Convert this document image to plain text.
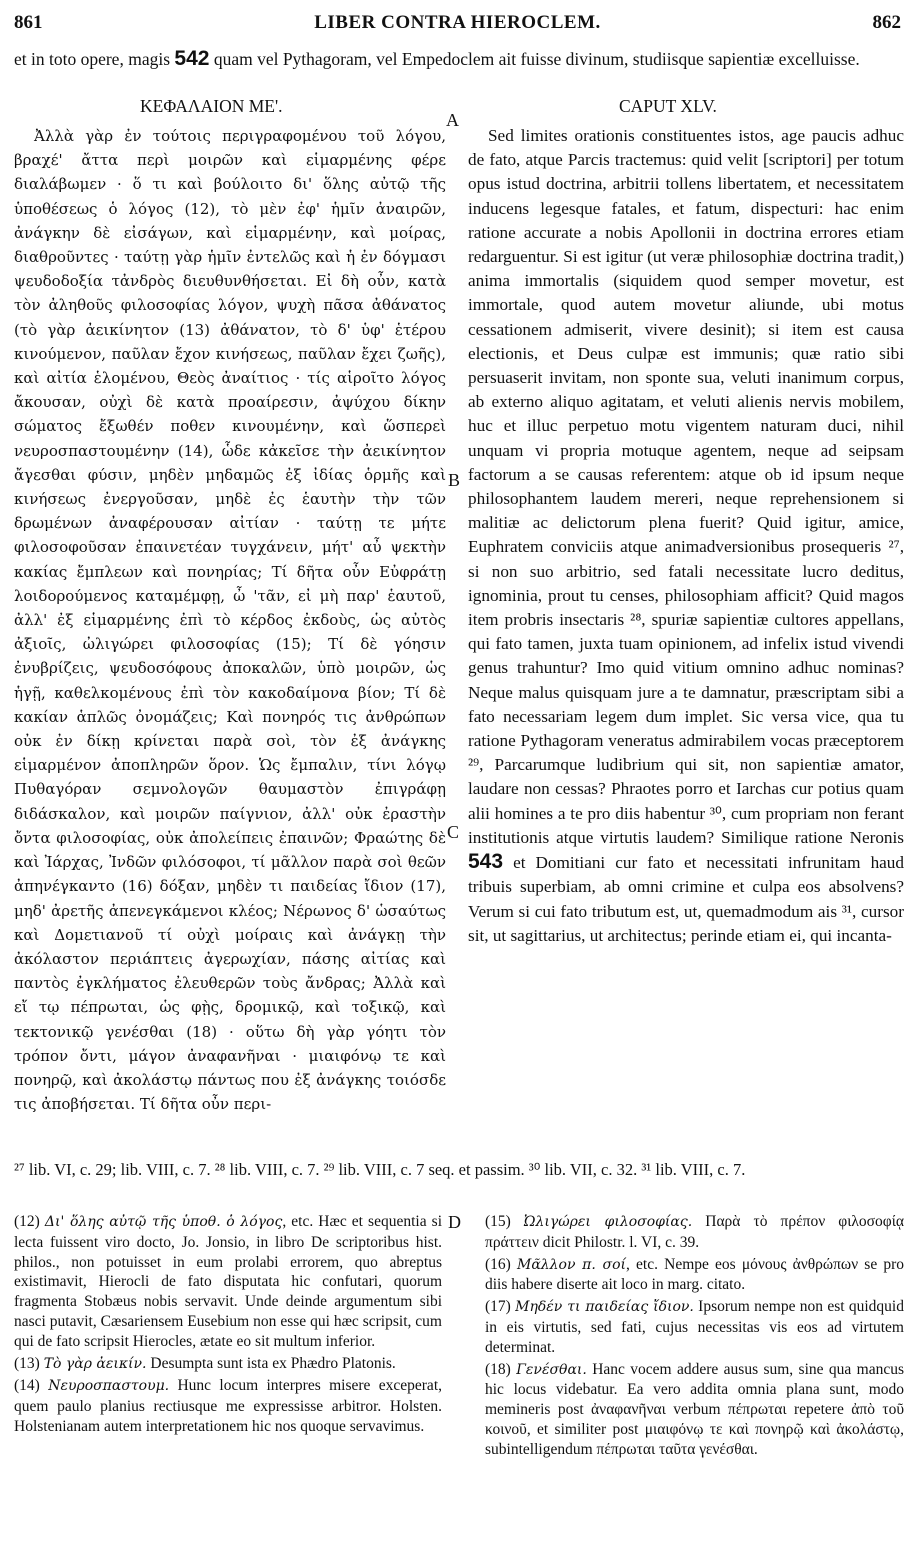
861	LIBER CONTRA HIEROCLEM.	862
et in toto opere, magis 542 quam vel Pythagoram, vel Empedoclem ait fuisse divinum, studiisque sapientiæ excelluisse.
ΚΕΦΑΛΑΙΟΝ ΜΕ'.	CAPUT XLV.

Ἀλλὰ γὰρ ἐν τούτοις περιγραφομένου τοῦ λόγου, βραχέ' ἄττα περὶ μοιρῶν καὶ εἱμαρμένης φέρε διαλάβωμεν · ὅ τι καὶ βούλοιτο δι' ὅλης αὐτῷ τῆς ὑποθέσεως ὁ λόγος (12), τὸ μὲν ἐφ' ἡμῖν ἀναιρῶν, ἀνάγκην δὲ εἰσάγων, καὶ εἱμαρμένην, καὶ μοίρας, διαθροῦντες · ταύτῃ γὰρ ἡμῖν ἐντελῶς καὶ ἡ ἐν δόγμασι ψευδοδοξία τἀνδρὸς διευθυνθήσεται. Εἰ δὴ οὖν, κατὰ τὸν ἀληθοῦς φιλοσοφίας λόγον, ψυχὴ πᾶσα ἀθάνατος (τὸ γὰρ ἀεικίνητον (13) ἀθάνατον, τὸ δ' ὑφ' ἑτέρου κινούμενον, παῦλαν ἔχον κινήσεως, παῦλαν ἔχει ζωῆς), καὶ αἰτία ἑλομένου, Θεὸς ἀναίτιος · τίς αἱροῖτο λόγος ἄκουσαν, οὐχὶ δὲ κατὰ προαίρεσιν, ἀψύχου δίκην σώματος ἔξωθέν ποθεν κινουμένην, καὶ ὥσπερεὶ νευροσπαστουμένην (14), ὧδε κἀκεῖσε τὴν ἀεικίνητον ἄγεσθαι φύσιν, μηδὲν μηδαμῶς ἐξ ἰδίας ὁρμῆς καὶ κινήσεως ἐνεργοῦσαν, μηδὲ ἐς ἑαυτὴν τὴν τῶν δρωμένων ἀναφέρουσαν αἰτίαν · ταύτῃ τε μήτε φιλοσοφοῦσαν ἐπαινετέαν τυγχάνειν, μήτ' αὖ ψεκτὴν κακίας ἔμπλεων καὶ πονηρίας; Τί δῆτα οὖν Εὐφράτῃ λοιδορούμενος καταμέμφῃ, ὦ 'τᾶν, εἰ μὴ παρ' ἑαυτοῦ, ἀλλ' ἐξ εἱμαρμένης ἐπὶ τὸ κέρδος ἐκδοὺς, ὡς αὐτὸς ἀξιοῖς, ὠλιγώρει φιλοσοφίας (15); Τί δὲ γόησιν ἐνυβρίζεις, ψευδοσόφους ἀποκαλῶν, ὑπὸ μοιρῶν, ὡς ἡγῇ, καθελκομένους ἐπὶ τὸν κακοδαίμονα βίον; Τί δὲ κακίαν ἁπλῶς ὀνομάζεις; Καὶ πονηρός τις ἀνθρώπων οὐκ ἐν δίκῃ κρίνεται παρὰ σοὶ, τὸν ἐξ ἀνάγκης εἱμαρμένον ἀποπληρῶν ὅρον. Ὡς ἔμπαλιν, τίνι λόγῳ Πυθαγόραν σεμνολογῶν θαυμαστὸν ἐπιγράφῃ διδάσκαλον, καὶ μοιρῶν παίγνιον, ἀλλ' οὐκ ἐραστὴν ὄντα φιλοσοφίας, οὐκ ἀπολείπεις ἐπαινῶν; Φραώτης δὲ καὶ Ἰάρχας, Ἰνδῶν φιλόσοφοι, τί μᾶλλον παρὰ σοὶ θεῶν ἀπηνέγκαντο (16) δόξαν, μηδὲν τι παιδείας ἴδιον (17), μηδ' ἀρετῆς ἀπενεγκάμενοι κλέος; Νέρωνος δ' ὡσαύτως καὶ Δομετιανοῦ τί οὐχὶ μοίραις καὶ ἀνάγκῃ τὴν ἀκόλαστον περιάπτεις ἀγερωχίαν, πάσης αἰτίας καὶ παντὸς ἐγκλήματος ἐλευθερῶν τοὺς ἄνδρας; Ἀλλὰ καὶ εἴ τῳ πέπρωται, ὡς φῂς, δρομικῷ, καὶ τοξικῷ, καὶ τεκτονικῷ γενέσθαι (18) · οὕτω δὴ γὰρ γόητι τὸν τρόπον ὄντι, μάγον ἀναφανῆναι · μιαιφόνῳ τε καὶ πονηρῷ, καὶ ἀκολάστῳ πάντως που ἐξ ἀνάγκης τοιόσδε τις ἀποβήσεται. Τί δῆτα οὖν περι-

Sed limites orationis constituentes istos, age paucis adhuc de fato, atque Parcis tractemus: quid velit [scriptori] per totum opus istud doctrina, arbitrii tollens libertatem, et necessitatem inducens legesque fatales, et fatum, dispecturi: hac enim ratione accurate a nobis Apollonii in doctrina errores etiam redarguentur. Si est igitur (ut veræ philosophiæ doctrina tradit,) anima immortalis (siquidem quod semper movetur, est immortale, quod autem movetur aliunde, ubi motus cessationem admiserit, vivere desinit); si item est causa electionis, et Deus culpæ est immunis; quæ ratio sibi persuaserit invitam, non sponte sua, veluti inanimum corpus, ab externo aliquo agitatam, et veluti alienis nervis mobilem, huc et illuc perpetuo motu vigentem naturam duci, nihil unquam vi propria motuque agentem, neque ad seipsam factorum a se causas referentem: atque ob id ipsum neque philosophantem laudem mereri, neque reprehensionem si malitiæ ac delictorum plena fuerit? Quid igitur, amice, Euphratem conviciis atque animadversionibus prosequeris ²⁷, si non suo arbitrio, sed fatali necessitate lucro deditus, ignominia, prout tu censes, philosophiam afficit? Quid magos item probris insectaris ²⁸, spuriæ sapientiæ cultores appellans, qui fato tamen, juxta tuam opinionem, ad infelix istud vivendi genus trahuntur? Imo quid vitium omnino adhuc nominas? Neque malus quisquam jure a te damnatur, præscriptam sibi a fato necessariam legem dum implet. Sic versa vice, qua tu ratione Pythagoram veneratus admirabilem vocas præceptorem ²⁹, Parcarumque ludibrium qui sit, non sapientiæ amator, laudare non cessas? Phraotes porro et Iarchas cur potius quam alii homines a te pro diis habentur ³⁰, cum propriam non ferant institutionis atque virtutis laudem? Similique ratione Neronis 543 et Domitiani cur fato et necessitati infrunitam haud tribuis superbiam, ab omni crimine et culpa eos absolvens? Verum si cui fato tributum est, ut, quemadmodum ais ³¹, cursor sit, ut sagittarius, ut architectus; perinde etiam ei, qui incanta-

A
B
C
D
²⁷ lib. VI, c. 29; lib. VIII, c. 7. ²⁸ lib. VIII, c. 7. ²⁹ lib. VIII, c. 7 seq. et passim. ³⁰ lib. VII, c. 32. ³¹ lib. VIII, c. 7.

(12) Δι' ὅλης αὐτῷ τῆς ὑποθ. ὁ λόγος, etc. Hæc et sequentia si lecta fuissent viro docto, Jo. Jonsio, in libro De scriptoribus hist. philos., non potuisset in eum prolabi errorem, quo abreptus existimavit, Hierocli de fato disputata hic confutari, quorum fragmenta Stobæus nobis servavit. Unde deinde argumentum sibi nasci putavit, Cæsariensem Eusebium non esse qui hæc scripsit, cum qui de fato scripsit Hierocles, ætate eo sit multum inferior.

(13) Τὸ γὰρ ἀεικίν. Desumpta sunt ista ex Phædro Platonis.

(14) Νευροσπαστουμ. Hunc locum interpres misere exceperat, quem paulo planius rectiusque me expressisse arbitror. Holsten. Holstenianam autem interpretationem hic nos quoque servavimus.

(15) Ὠλιγώρει φιλοσοφίας. Παρὰ τὸ πρέπον φιλοσοφίᾳ πράττειν dicit Philostr. l. VI, c. 39.

(16) Μᾶλλον π. σοί, etc. Nempe eos μόνους ἀνθρώπων se pro diis habere diserte ait loco in marg. citato.

(17) Μηδέν τι παιδείας ἴδιον. Ipsorum nempe non est quidquid in eis virtutis, sed fati, cujus necessitas vis eos ad virtutem determinat.

(18) Γενέσθαι. Hanc vocem addere ausus sum, sine qua mancus hic locus videbatur. Ea vero addita omnia plana sunt, modo memineris post ἀναφανῆναι verbum πέπρωται repetere ἀπὸ τοῦ κοινοῦ, et similiter post μιαιφόνῳ τε καὶ πονηρῷ καὶ ἀκολάστῳ, subintelligendum πέπρωται ταῦτα γενέσθαι.
